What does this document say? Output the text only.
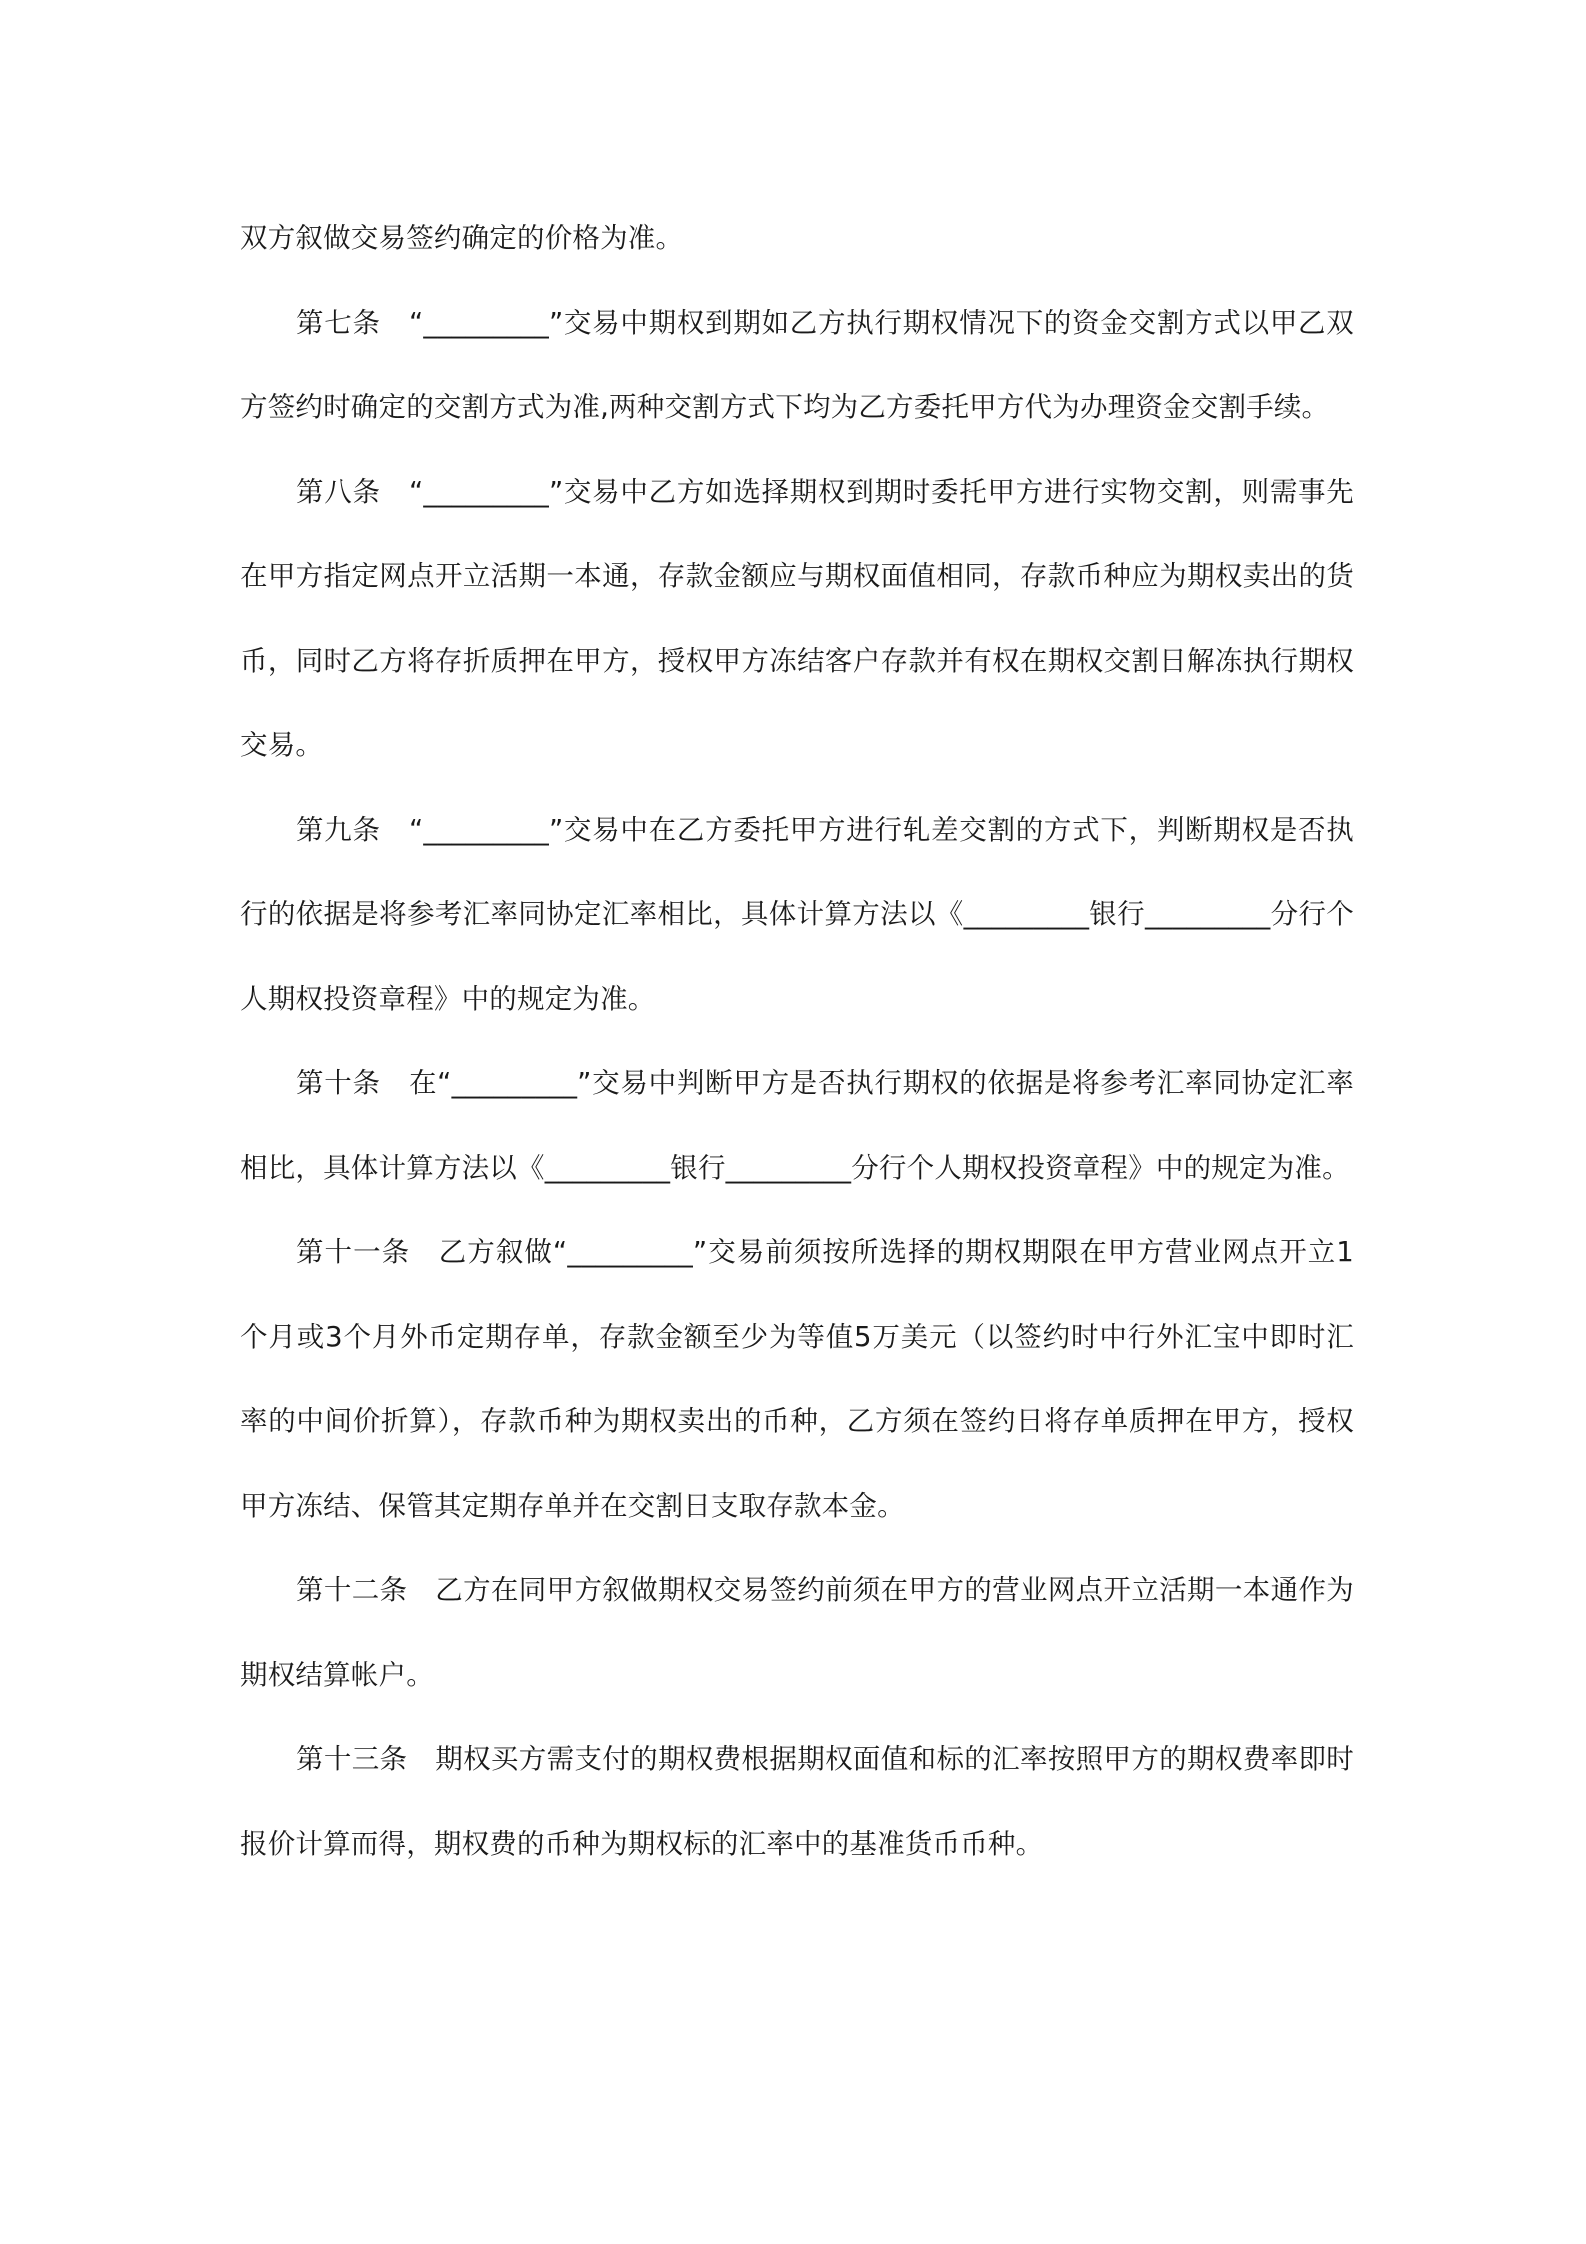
双方叙做交易签约确定的价格为准。

第七条　“_________”交易中期权到期如乙方执行期权情况下的资金交割方式以甲乙双方签约时确定的交割方式为准,两种交割方式下均为乙方委托甲方代为办理资金交割手续。

第八条　“_________”交易中乙方如选择期权到期时委托甲方进行实物交割，则需事先在甲方指定网点开立活期一本通，存款金额应与期权面值相同，存款币种应为期权卖出的货币，同时乙方将存折质押在甲方，授权甲方冻结客户存款并有权在期权交割日解冻执行期权交易。

第九条　“_________”交易中在乙方委托甲方进行轧差交割的方式下，判断期权是否执行的依据是将参考汇率同协定汇率相比，具体计算方法以《_________银行_________分行个人期权投资章程》中的规定为准。

第十条　在“_________”交易中判断甲方是否执行期权的依据是将参考汇率同协定汇率相比，具体计算方法以《_________银行_________分行个人期权投资章程》中的规定为准。

第十一条　乙方叙做“_________”交易前须按所选择的期权期限在甲方营业网点开立1个月或3个月外币定期存单，存款金额至少为等值5万美元（以签约时中行外汇宝中即时汇率的中间价折算），存款币种为期权卖出的币种，乙方须在签约日将存单质押在甲方，授权甲方冻结、保管其定期存单并在交割日支取存款本金。

第十二条　乙方在同甲方叙做期权交易签约前须在甲方的营业网点开立活期一本通作为期权结算帐户。

第十三条　期权买方需支付的期权费根据期权面值和标的汇率按照甲方的期权费率即时报价计算而得，期权费的币种为期权标的汇率中的基准货币币种。
